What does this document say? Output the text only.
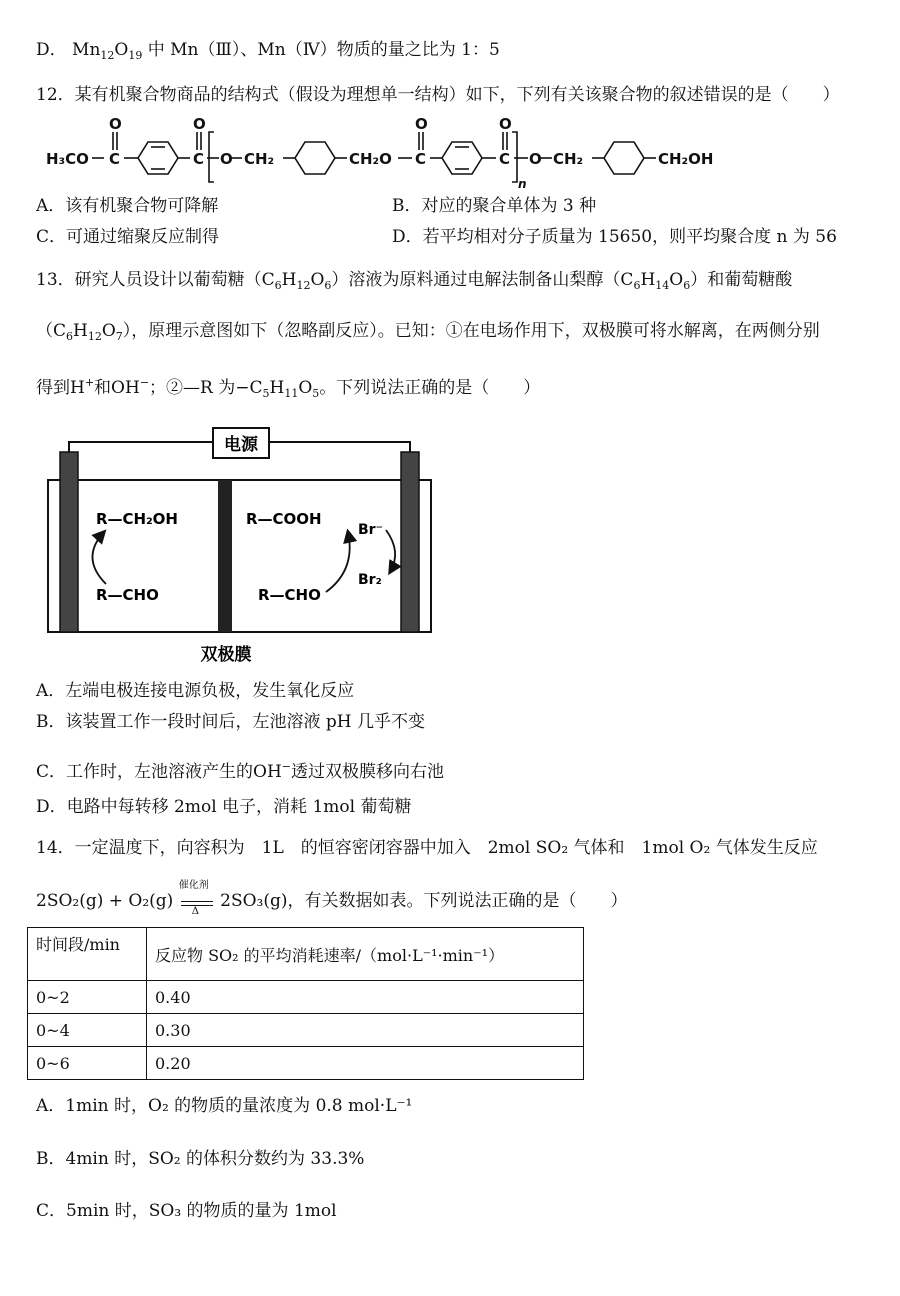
D． $Mn_{12}O_{19}$ 中 Mn（Ⅲ）、Mn（Ⅳ）物质的量之比为 1：5
12．某有机聚合物商品的结构式（假设为理想单一结构）如下，下列有关该聚合物的叙述错误的是（　　）
H₃CO
O
C
O
C O CH₂	CH₂O
O
C
O
C
n
O CH₂	CH₂OH
A．该有机聚合物可降解	B．对应的聚合单体为 3 种
C．可通过缩聚反应制得	D．若平均相对分子质量为 15650，则平均聚合度 n 为 56
13．研究人员设计以葡萄糖$(C_6H_{12}O_6)$溶液为原料通过电解法制备山梨醇$(C_6H_{14}O_6)$和葡萄糖酸
$(C_6H_{12}O_7)$，原理示意图如下（忽略副反应）。已知：①在电场作用下，双极膜可将水解离，在两侧分别
得到H+和OH−；②—R 为$-C_5H_{11}O_5$。下列说法正确的是（　　）
电源
R—CH₂OH
R—CHO
R—COOH
R—CHO
Br⁻
Br₂
双极膜
A．左端电极连接电源负极，发生氧化反应
B．该装置工作一段时间后，左池溶液 pH 几乎不变
C．工作时，左池溶液产生的OH−透过双极膜移向右池
D．电路中每转移 2mol 电子，消耗 1mol 葡萄糖
14．一定温度下，向容积为　1L　的恒容密闭容器中加入　2mol SO₂ 气体和　1mol O₂ 气体发生反应
2SO₂(g) + O₂(g)
催化剂
Δ 2SO₃(g)，有关数据如表。下列说法正确的是（　　）
时间段/min	反应物 SO₂ 的平均消耗速率/（mol·L⁻¹·min⁻¹）
0~2	0.40
0~4	0.30
0~6	0.20
A．1min 时，O₂ 的物质的量浓度为 0.8 mol·L⁻¹
B．4min 时，SO₂ 的体积分数约为 33.3%
C．5min 时，SO₃ 的物质的量为 1mol
